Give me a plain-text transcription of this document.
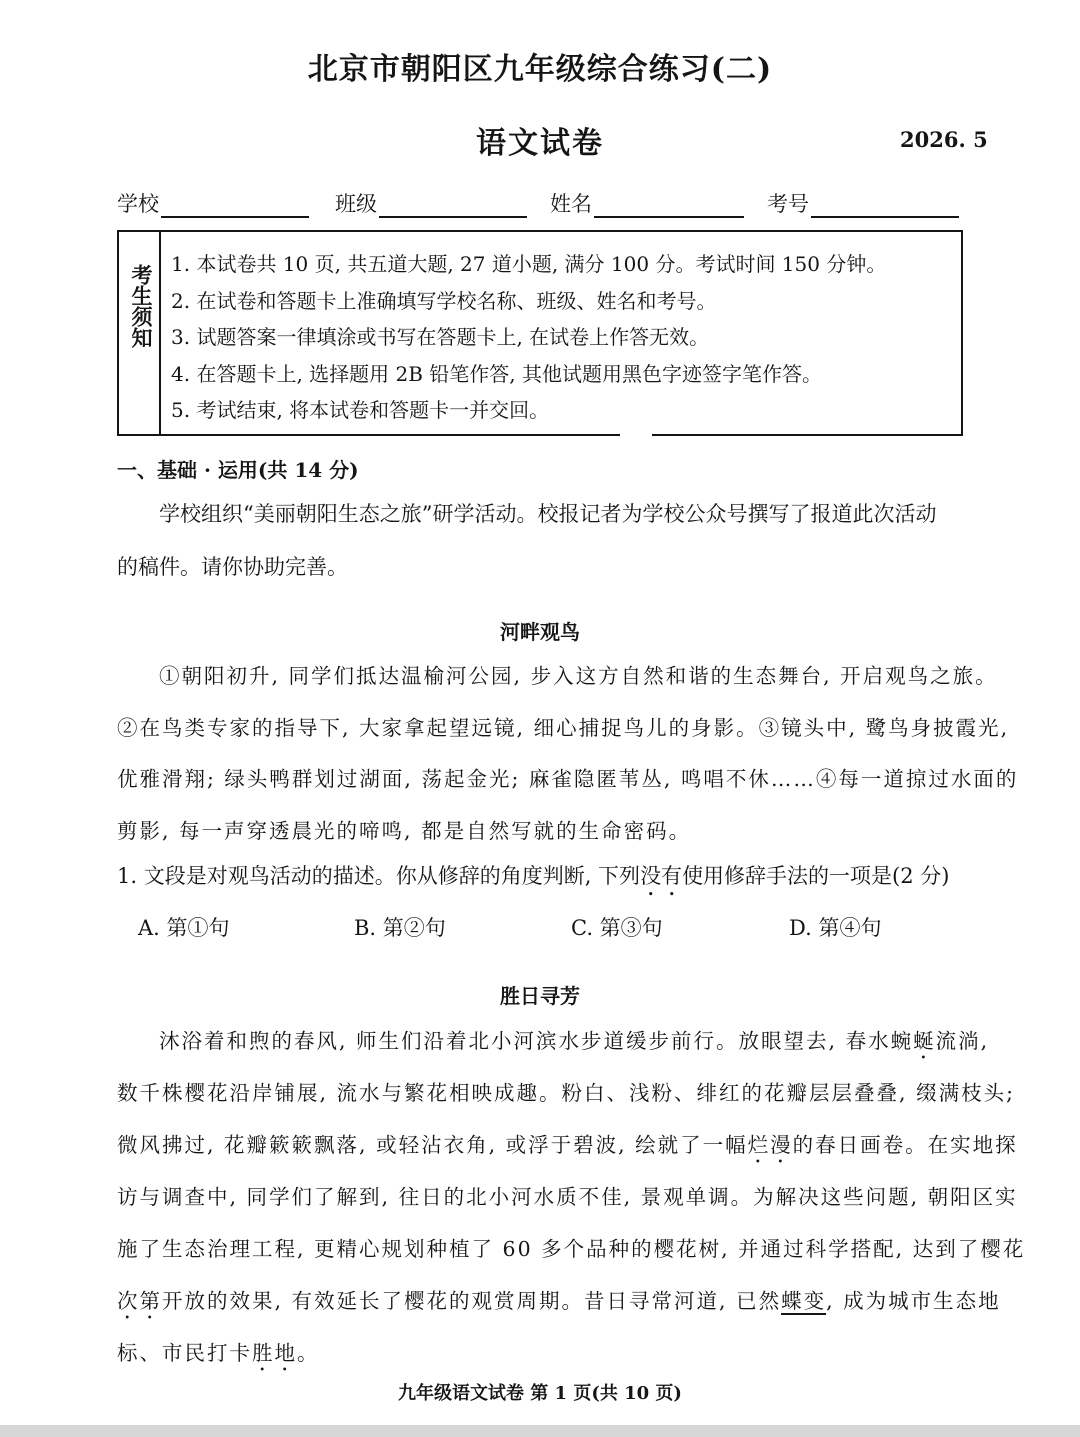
北京市朝阳区九年级综合练习(二)
语文试卷	2026. 5
学校	班级	姓名	考号
考生须知 1. 本试卷共 10 页, 共五道大题, 27 道小题, 满分 100 分。考试时间 150 分钟。
2. 在试卷和答题卡上准确填写学校名称、班级、姓名和考号。
3. 试题答案一律填涂或书写在答题卡上, 在试卷上作答无效。
4. 在答题卡上, 选择题用 2B 铅笔作答, 其他试题用黑色字迹签字笔作答。
5. 考试结束, 将本试卷和答题卡一并交回。
一、基础 · 运用(共 14 分)
学校组织“美丽朝阳生态之旅”研学活动。校报记者为学校公众号撰写了报道此次活动
的稿件。请你协助完善。
河畔观鸟
①朝阳初升, 同学们抵达温榆河公园, 步入这方自然和谐的生态舞台, 开启观鸟之旅。
②在鸟类专家的指导下, 大家拿起望远镜, 细心捕捉鸟儿的身影。③镜头中, 鹭鸟身披霞光,
优雅滑翔; 绿头鸭群划过湖面, 荡起金光; 麻雀隐匿苇丛, 鸣唱不休……④每一道掠过水面的
剪影, 每一声穿透晨光的啼鸣, 都是自然写就的生命密码。
1. 文段是对观鸟活动的描述。你从修辞的角度判断, 下列没有使用修辞手法的一项是(2 分)
A. 第①句	B. 第②句	C. 第③句	D. 第④句
胜日寻芳
沐浴着和煦的春风, 师生们沿着北小河滨水步道缓步前行。放眼望去, 春水蜿蜒流淌,
数千株樱花沿岸铺展, 流水与繁花相映成趣。粉白、浅粉、绯红的花瓣层层叠叠, 缀满枝头;
微风拂过, 花瓣簌簌飘落, 或轻沾衣角, 或浮于碧波, 绘就了一幅烂漫的春日画卷。在实地探
访与调查中, 同学们了解到, 往日的北小河水质不佳, 景观单调。为解决这些问题, 朝阳区实
施了生态治理工程, 更精心规划种植了 60 多个品种的樱花树, 并通过科学搭配, 达到了樱花
次第开放的效果, 有效延长了樱花的观赏周期。昔日寻常河道, 已然蝶变, 成为城市生态地
标、市民打卡胜地。
九年级语文试卷 第 1 页(共 10 页)
